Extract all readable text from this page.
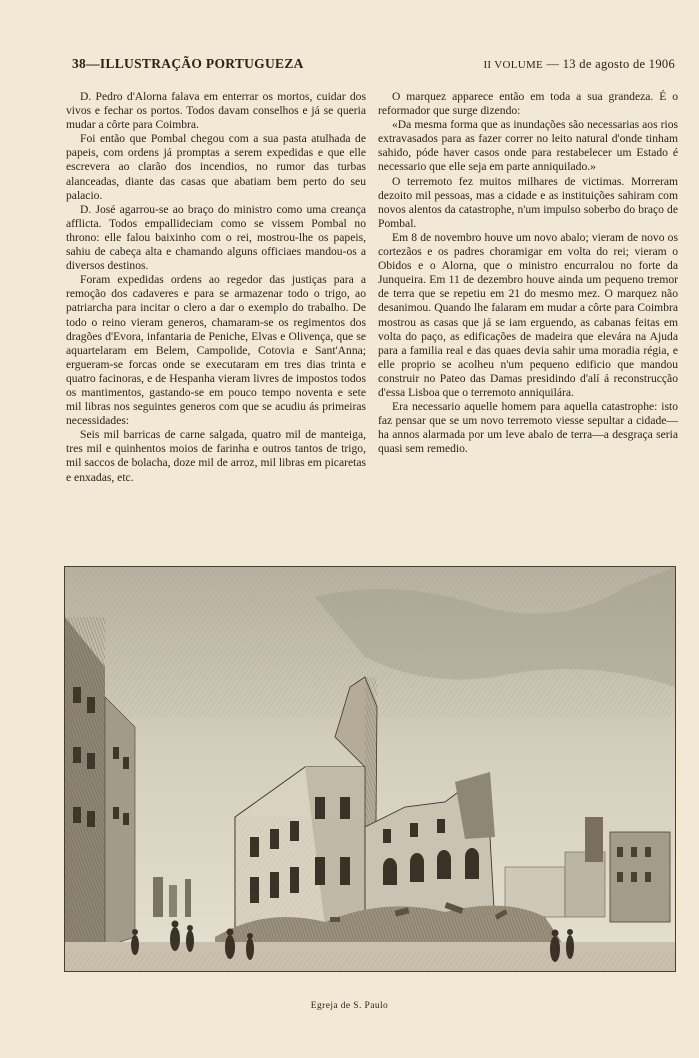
38—ILLUSTRAÇÃO PORTUGUEZA	II VOLUME — 13 de agosto de 1906

D. Pedro d'Alorna falava em enterrar os mortos, cuidar dos vivos e fechar os portos. Todos davam conselhos e já se queria mudar a côrte para Coimbra.

Foi então que Pombal chegou com a sua pasta atulhada de papeis, com ordens já promptas a serem expedidas e que elle escrevera ao clarão dos incendios, no rumor das turbas alanceadas, diante das casas que abatiam bem perto do seu palacio.

D. José agarrou-se ao braço do ministro como uma creança afflicta. Todos empallideciam como se vissem Pombal no throno: elle falou baixinho com o rei, mostrou-lhe os papeis, sahiu de cabeça alta e chamando alguns officiaes mandou-os a diversos destinos.

Foram expedidas ordens ao regedor das justiças para a remoção dos cadaveres e para se armazenar todo o trigo, ao patriarcha para incitar o clero a dar o exemplo do trabalho. De todo o reino vieram generos, chamaram-se os regimentos dos dragões d'Evora, infantaria de Peniche, Elvas e Olivença, que se aquartelaram em Belem, Campolide, Cotovia e Sant'Anna; ergueram-se forcas onde se executaram em tres dias trinta e quatro facinoras, e de Hespanha vieram livres de impostos todos os mantimentos, gastando-se em pouco tempo noventa e sete mil libras nos seguintes generos com que se acudiu ás primeiras necessidades:

Seis mil barricas de carne salgada, quatro mil de manteiga, tres mil e quinhentos moios de farinha e outros tantos de trigo, mil saccos de bolacha, doze mil de arroz, mil libras em picaretas e enxadas, etc.

O marquez apparece então em toda a sua grandeza. É o reformador que surge dizendo:

«Da mesma forma que as inundações são necessarias aos rios extravasados para as fazer correr no leito natural d'onde tinham sahido, póde haver casos onde para restabelecer um Estado é necessario que elle seja em parte anniquilado.»

O terremoto fez muitos milhares de victimas. Morreram dezoito mil pessoas, mas a cidade e as instituições sahiram com novos alentos da catastrophe, n'um impulso soberbo do braço de Pombal.

Em 8 de novembro houve um novo abalo; vieram de novo os cortezãos e os padres choramigar em volta do rei; vieram o Obidos e o Alorna, que o ministro encurralou no forte da Junqueira. Em 11 de dezembro houve ainda um pequeno tremor de terra que se repetiu em 21 do mesmo mez. O marquez não desanimou. Quando lhe falaram em mudar a côrte para Coimbra mostrou as casas que já se iam erguendo, as cabanas feitas em volta do paço, as edificações de madeira que elevára na Ajuda para a familia real e das quaes devia sahir uma moradia régia, e elle proprio se acolheu n'um pequeno edificio que mandou construir no Pateo das Damas presidindo d'alí á reconstrucção d'essa Lisboa que o terremoto anniquilára.

Era necessario aquelle homem para aquella catastrophe: isto faz pensar que se um novo terremoto viesse sepultar a cidade—ha annos alarmada por um leve abalo de terra—a desgraça seria quasi sem remedio.

Egreja de S. Paulo
